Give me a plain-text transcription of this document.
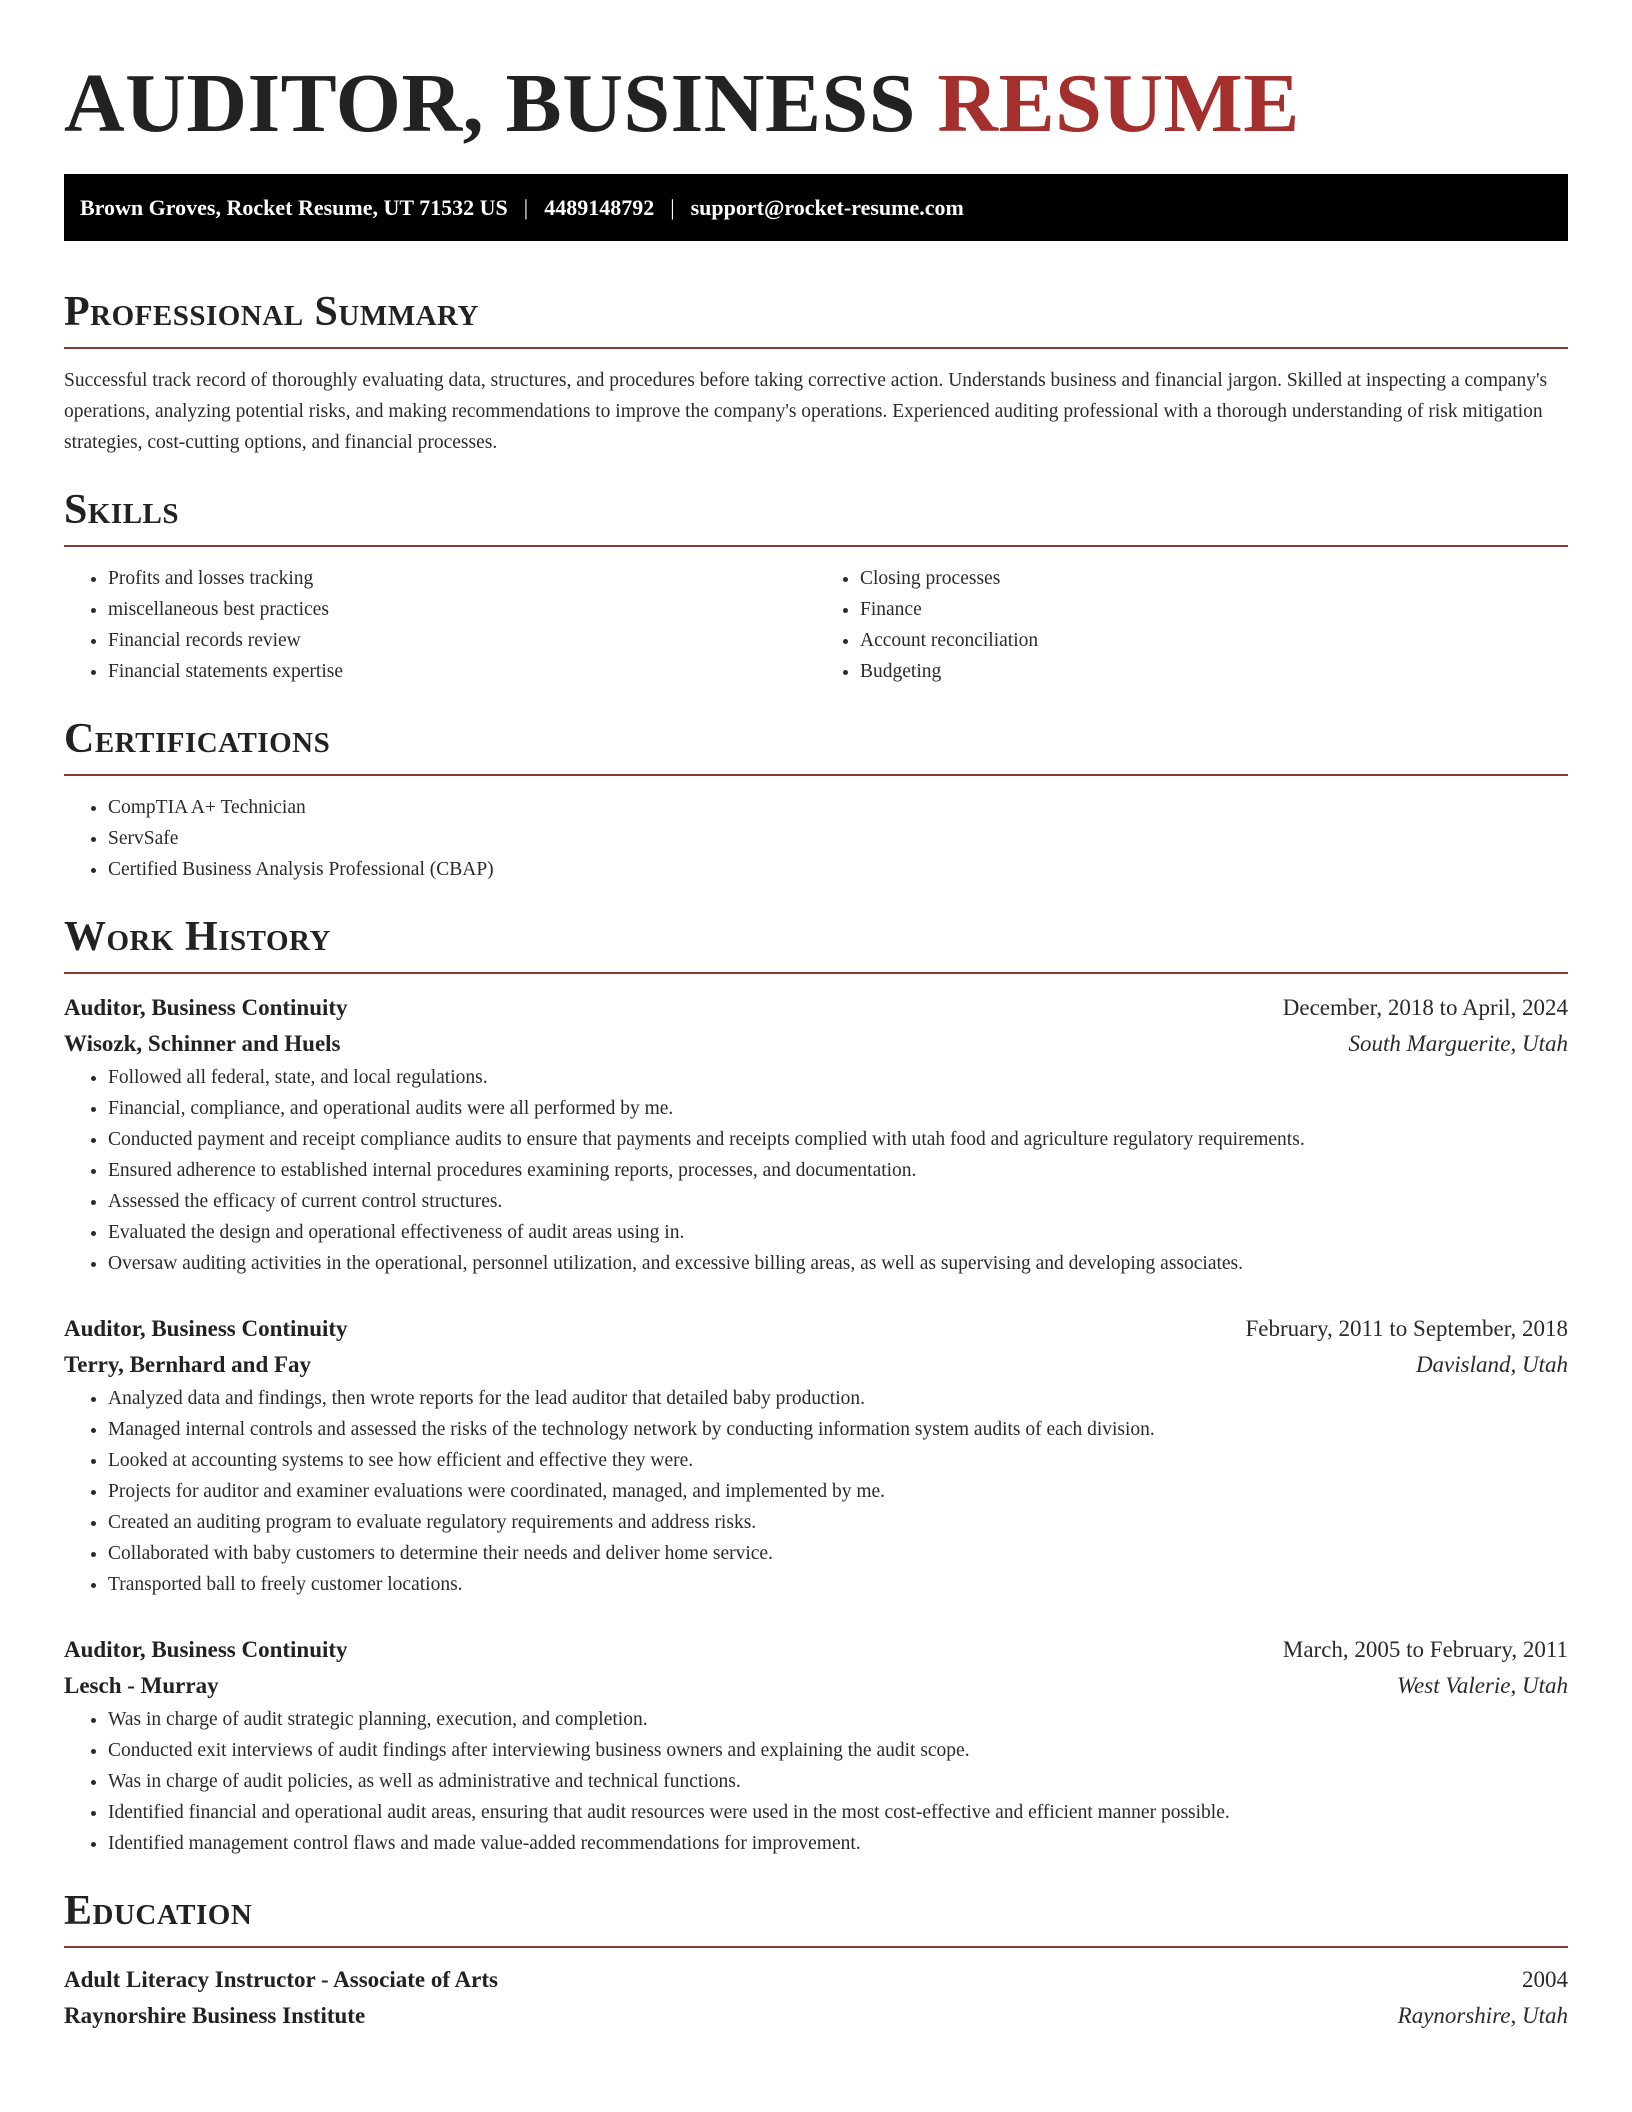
AUDITOR, BUSINESS RESUME
Brown Groves, Rocket Resume, UT 71532 US | 4489148792 | support@rocket-resume.com
Professional Summary

Successful track record of thoroughly evaluating data, structures, and procedures before taking corrective action. Understands business and financial jargon. Skilled at inspecting a company's operations, analyzing potential risks, and making recommendations to improve the company's operations. Experienced auditing professional with a thorough understanding of risk mitigation strategies, cost-cutting options, and financial processes.

Skills
• Profits and losses tracking
• miscellaneous best practices
• Financial records review
• Financial statements expertise
• Closing processes
• Finance
• Account reconciliation
• Budgeting
Certifications
• CompTIA A+ Technician
• ServSafe
• Certified Business Analysis Professional (CBAP)
Work History
Auditor, Business Continuity	December, 2018 to April, 2024
Wisozk, Schinner and Huels	South Marguerite, Utah
• Followed all federal, state, and local regulations.
• Financial, compliance, and operational audits were all performed by me.
• Conducted payment and receipt compliance audits to ensure that payments and receipts complied with utah food and agriculture regulatory requirements.
• Ensured adherence to established internal procedures examining reports, processes, and documentation.
• Assessed the efficacy of current control structures.
• Evaluated the design and operational effectiveness of audit areas using in.
• Oversaw auditing activities in the operational, personnel utilization, and excessive billing areas, as well as supervising and developing associates.
Auditor, Business Continuity	February, 2011 to September, 2018
Terry, Bernhard and Fay	Davisland, Utah
• Analyzed data and findings, then wrote reports for the lead auditor that detailed baby production.
• Managed internal controls and assessed the risks of the technology network by conducting information system audits of each division.
• Looked at accounting systems to see how efficient and effective they were.
• Projects for auditor and examiner evaluations were coordinated, managed, and implemented by me.
• Created an auditing program to evaluate regulatory requirements and address risks.
• Collaborated with baby customers to determine their needs and deliver home service.
• Transported ball to freely customer locations.
Auditor, Business Continuity	March, 2005 to February, 2011
Lesch - Murray	West Valerie, Utah
• Was in charge of audit strategic planning, execution, and completion.
• Conducted exit interviews of audit findings after interviewing business owners and explaining the audit scope.
• Was in charge of audit policies, as well as administrative and technical functions.
• Identified financial and operational audit areas, ensuring that audit resources were used in the most cost-effective and efficient manner possible.
• Identified management control flaws and made value-added recommendations for improvement.
Education
Adult Literacy Instructor - Associate of Arts	2004
Raynorshire Business Institute	Raynorshire, Utah
